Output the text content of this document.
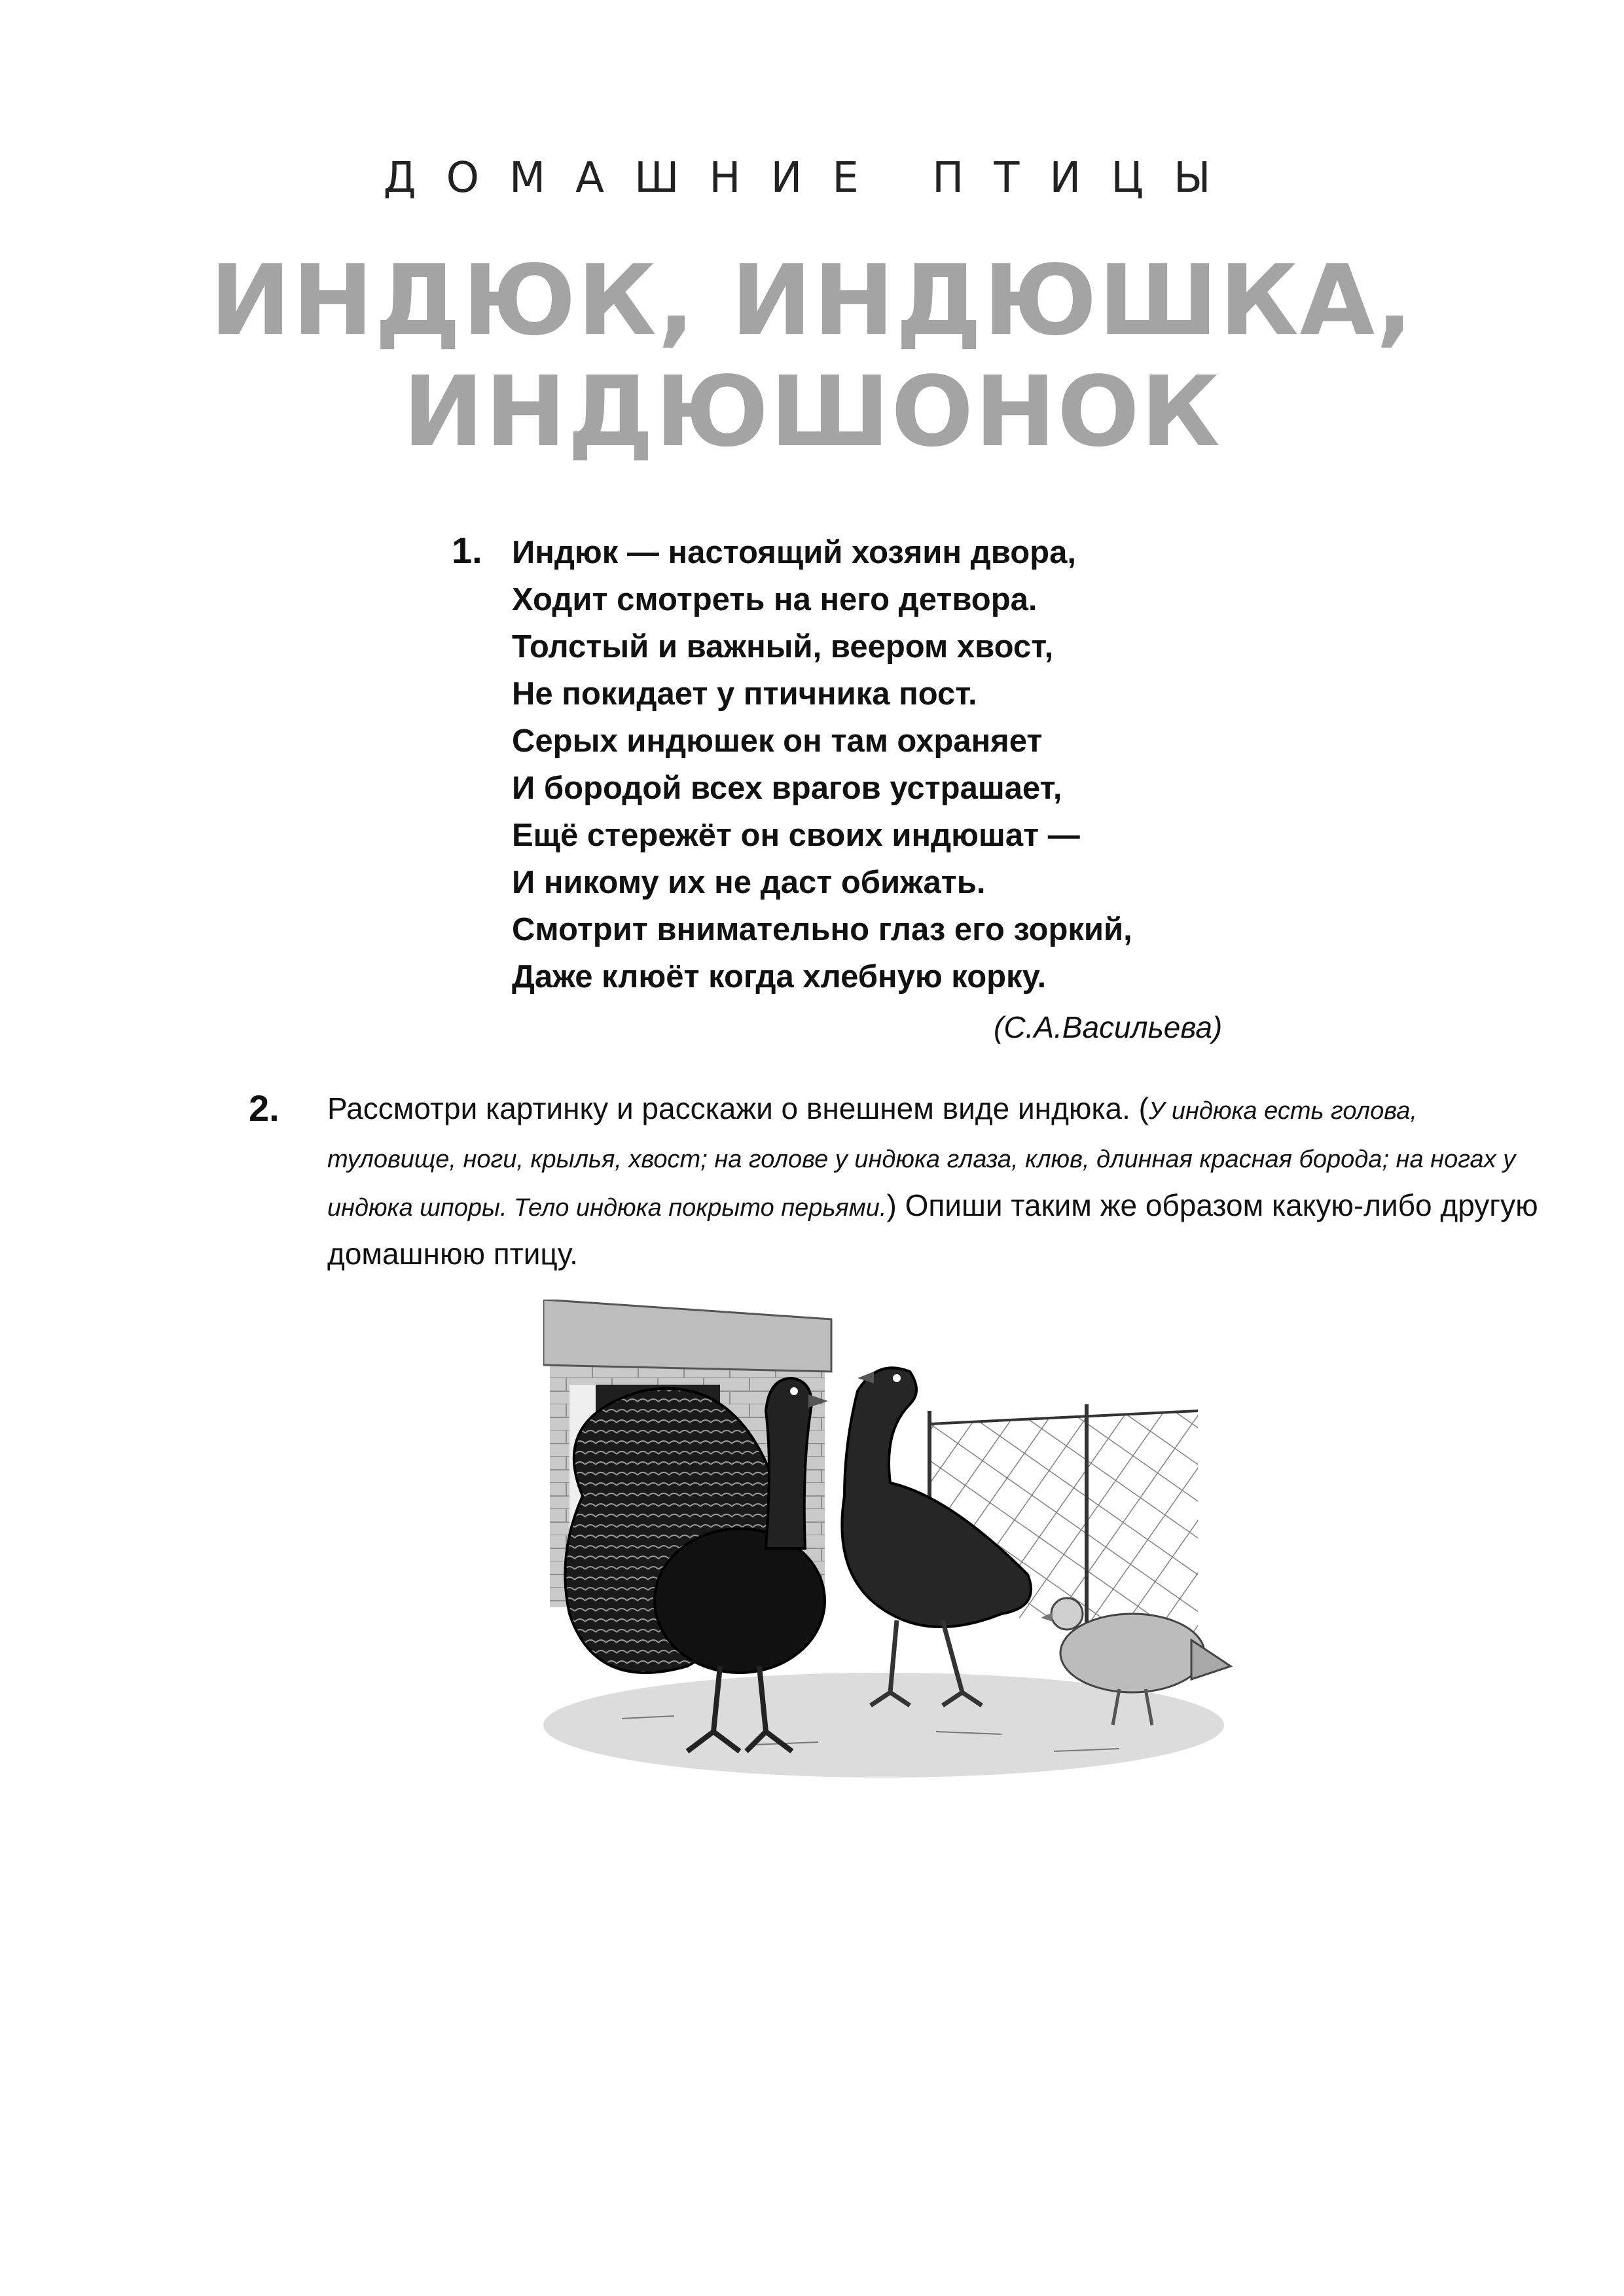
ДОМАШНИЕ ПТИЦЫ
ИНДЮК, ИНДЮШКА,
ИНДЮШОНОК
1. Индюк — настоящий хозяин двора,
Ходит смотреть на него детвора.
Толстый и важный, веером хвост,
Не покидает у птичника пост.
Серых индюшек он там охраняет
И бородой всех врагов устрашает,
Ещё стережёт он своих индюшат —
И никому их не даст обижать.
Смотрит внимательно глаз его зоркий,
Даже клюёт когда хлебную корку.
(С.А.Васильева)
2. Рассмотри картинку и расскажи о внешнем виде индюка. (У индюка есть голова, туловище, ноги, крылья, хвост; на голове у индюка глаза, клюв, длинная красная борода; на ногах у индюка шпоры. Тело индюка покрыто перьями.) Опиши таким же образом какую-либо другую домашнюю птицу.
